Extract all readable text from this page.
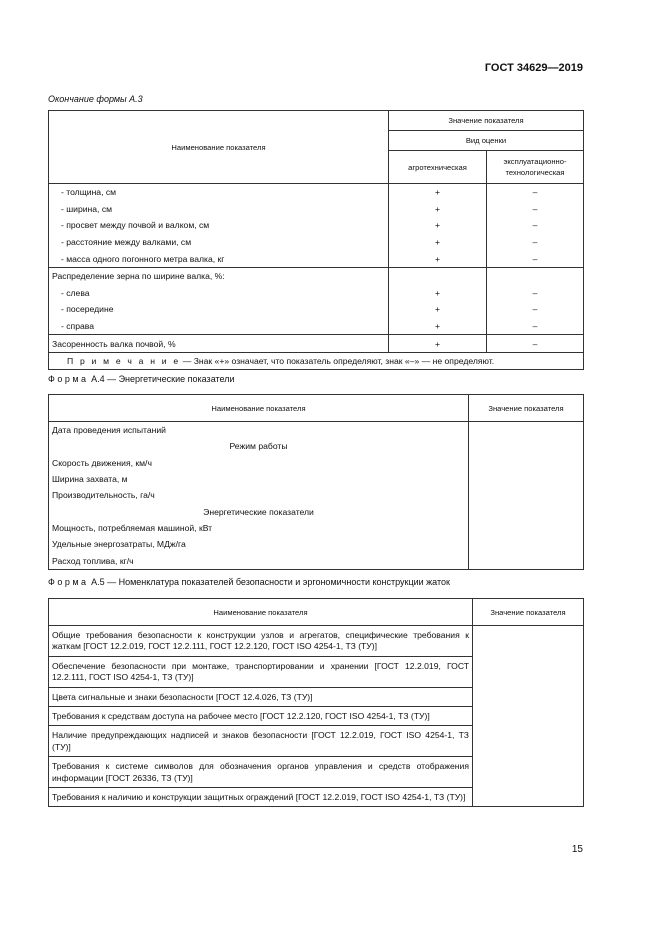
ГОСТ 34629—2019
Окончание формы А.3
Наименование показателя	Значение показателя	
	Вид оценки	
	агротехническая	эксплуатационно-
технологическая
- толщина, см	+	–
- ширина, см	+	–
- просвет между почвой и валком, см	+	–
- расстояние между валками, см	+	–
- масса одного погонного метра валка, кг	+	–
Распределение зерна по ширине валка, %:		
- слева	+	–
- посередине	+	–
- справа	+	–
Засоренность валка почвой, %	+	–
П р и м е ч а н и е — Знак «+» означает, что показатель определяют, знак «–» — не определяют.		
Ф о р м а А.4 — Энергетические показатели
Наименование показателя	Значение показателя
Дата проведения испытаний	
Режим работы	
Скорость движения, км/ч	
Ширина захвата, м	
Производительность, га/ч	
Энергетические показатели	
Мощность, потребляемая машиной, кВт	
Удельные энергозатраты, МДж/га	
Расход топлива, кг/ч	
Ф о р м а А.5 — Номенклатура показателей безопасности и эргономичности конструкции жаток
Наименование показателя	Значение показателя
Общие требования безопасности к конструкции узлов и агрегатов, специфические требования к жаткам [ГОСТ 12.2.019, ГОСТ 12.2.111, ГОСТ 12.2.120, ГОСТ ISO 4254-1, ТЗ (ТУ)]	
Обеспечение безопасности при монтаже, транспортировании и хранении [ГОСТ 12.2.019, ГОСТ 12.2.111, ГОСТ ISO 4254-1, ТЗ (ТУ)]	
Цвета сигнальные и знаки безопасности [ГОСТ 12.4.026, ТЗ (ТУ)]	
Требования к средствам доступа на рабочее место [ГОСТ 12.2.120, ГОСТ ISO 4254-1, ТЗ (ТУ)]	
Наличие предупреждающих надписей и знаков безопасности [ГОСТ 12.2.019, ГОСТ ISO 4254-1, ТЗ (ТУ)]	
Требования к системе символов для обозначения органов управления и средств отображения информации [ГОСТ 26336, ТЗ (ТУ)]	
Требования к наличию и конструкции защитных ограждений [ГОСТ 12.2.019, ГОСТ ISO 4254-1, ТЗ (ТУ)]	
15
